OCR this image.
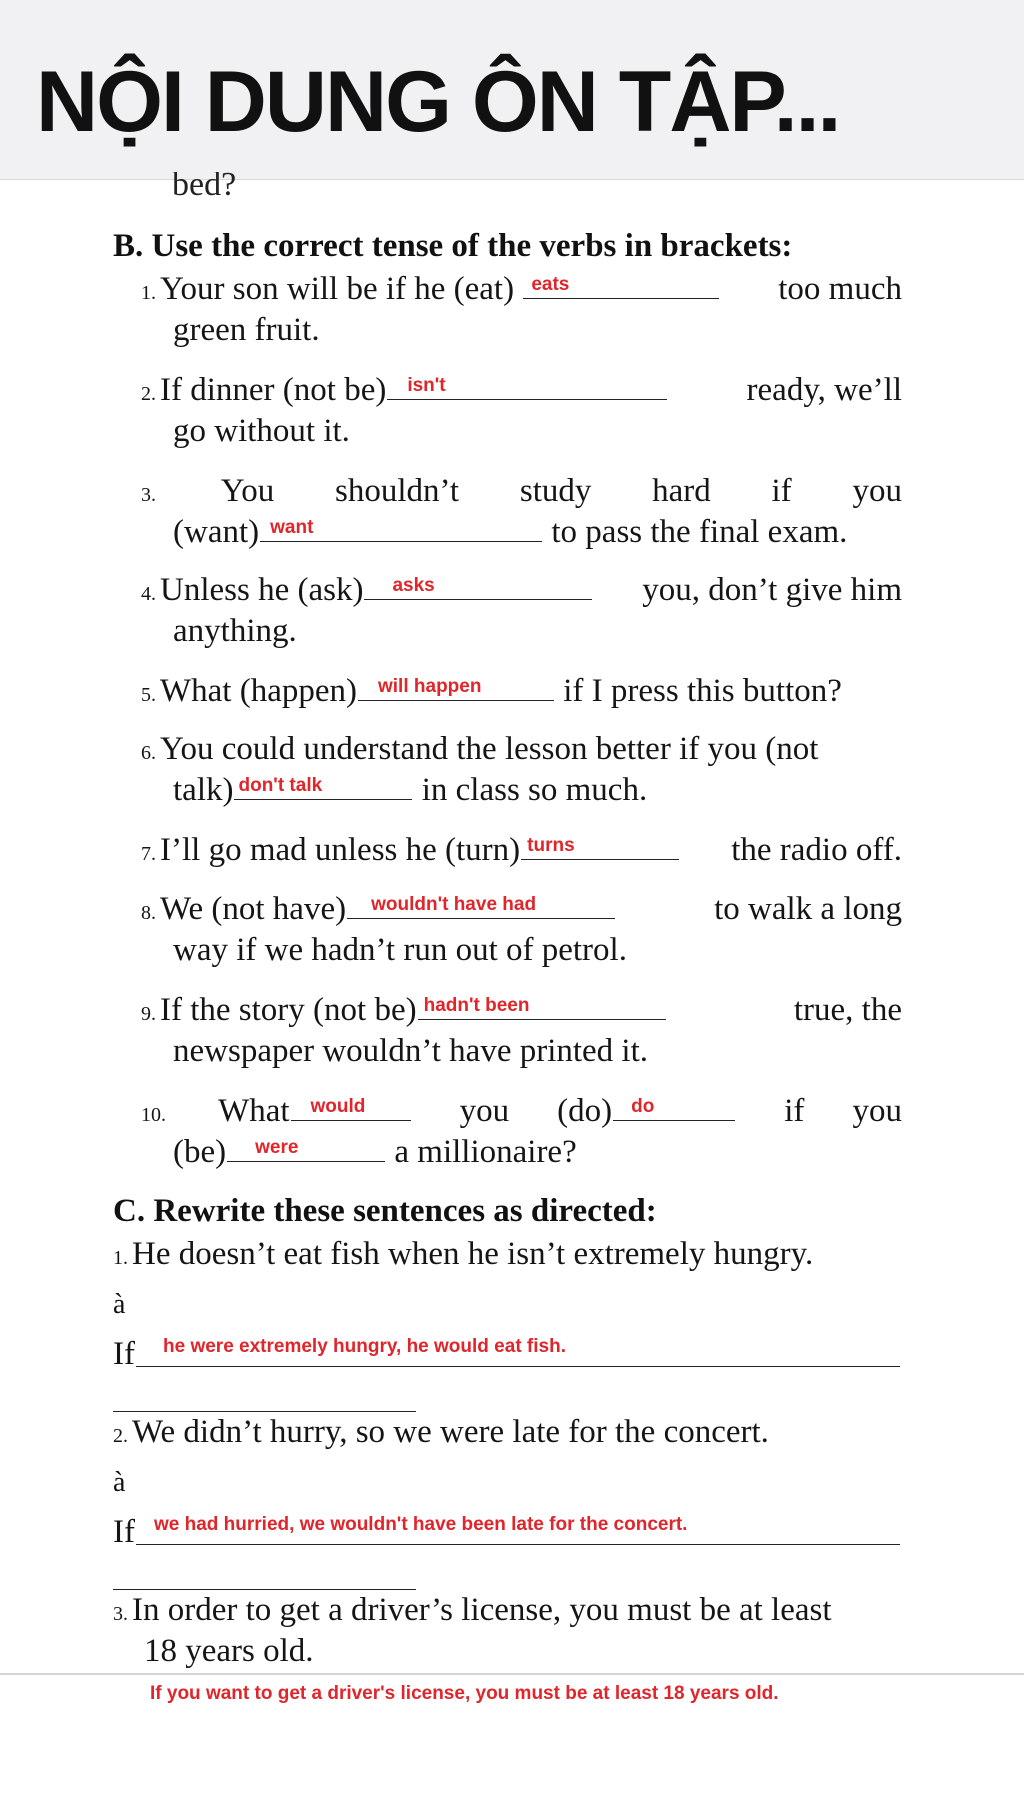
NỘI DUNG ÔN TẬP...
bed?
B. Use the correct tense of the verbs in brackets:
1. Your son will be if he (eat) eats	too much
green fruit.
2. If dinner (not be) isn't	ready, we’ll
go without it.
3. You shouldn’t study hard if you
(want) want	to pass the final exam.
4. Unless he (ask) asks	you, don’t give him
anything.
5. What (happen) will happen if I press this button?
6. You could understand the lesson better if you (not
talk) don't talk	in class so much.
7. I’ll go mad unless he (turn) turns	the radio off.
8. We (not have) wouldn't have had	to walk a long
way if we hadn’t run out of petrol.
9. If the story (not be) hadn't been	true, the
newspaper wouldn’t have printed it.
10. What would	you (do) do	if you
(be) were	a millionaire?
C. Rewrite these sentences as directed:
1. He doesn’t eat fish when he isn’t extremely hungry.
à
If he were extremely hungry, he would eat fish.
2. We didn’t hurry, so we were late for the concert.
à
If we had hurried, we wouldn't have been late for the concert.
3. In order to get a driver’s license, you must be at least
18 years old.
If you want to get a driver's license, you must be at least 18 years old.
